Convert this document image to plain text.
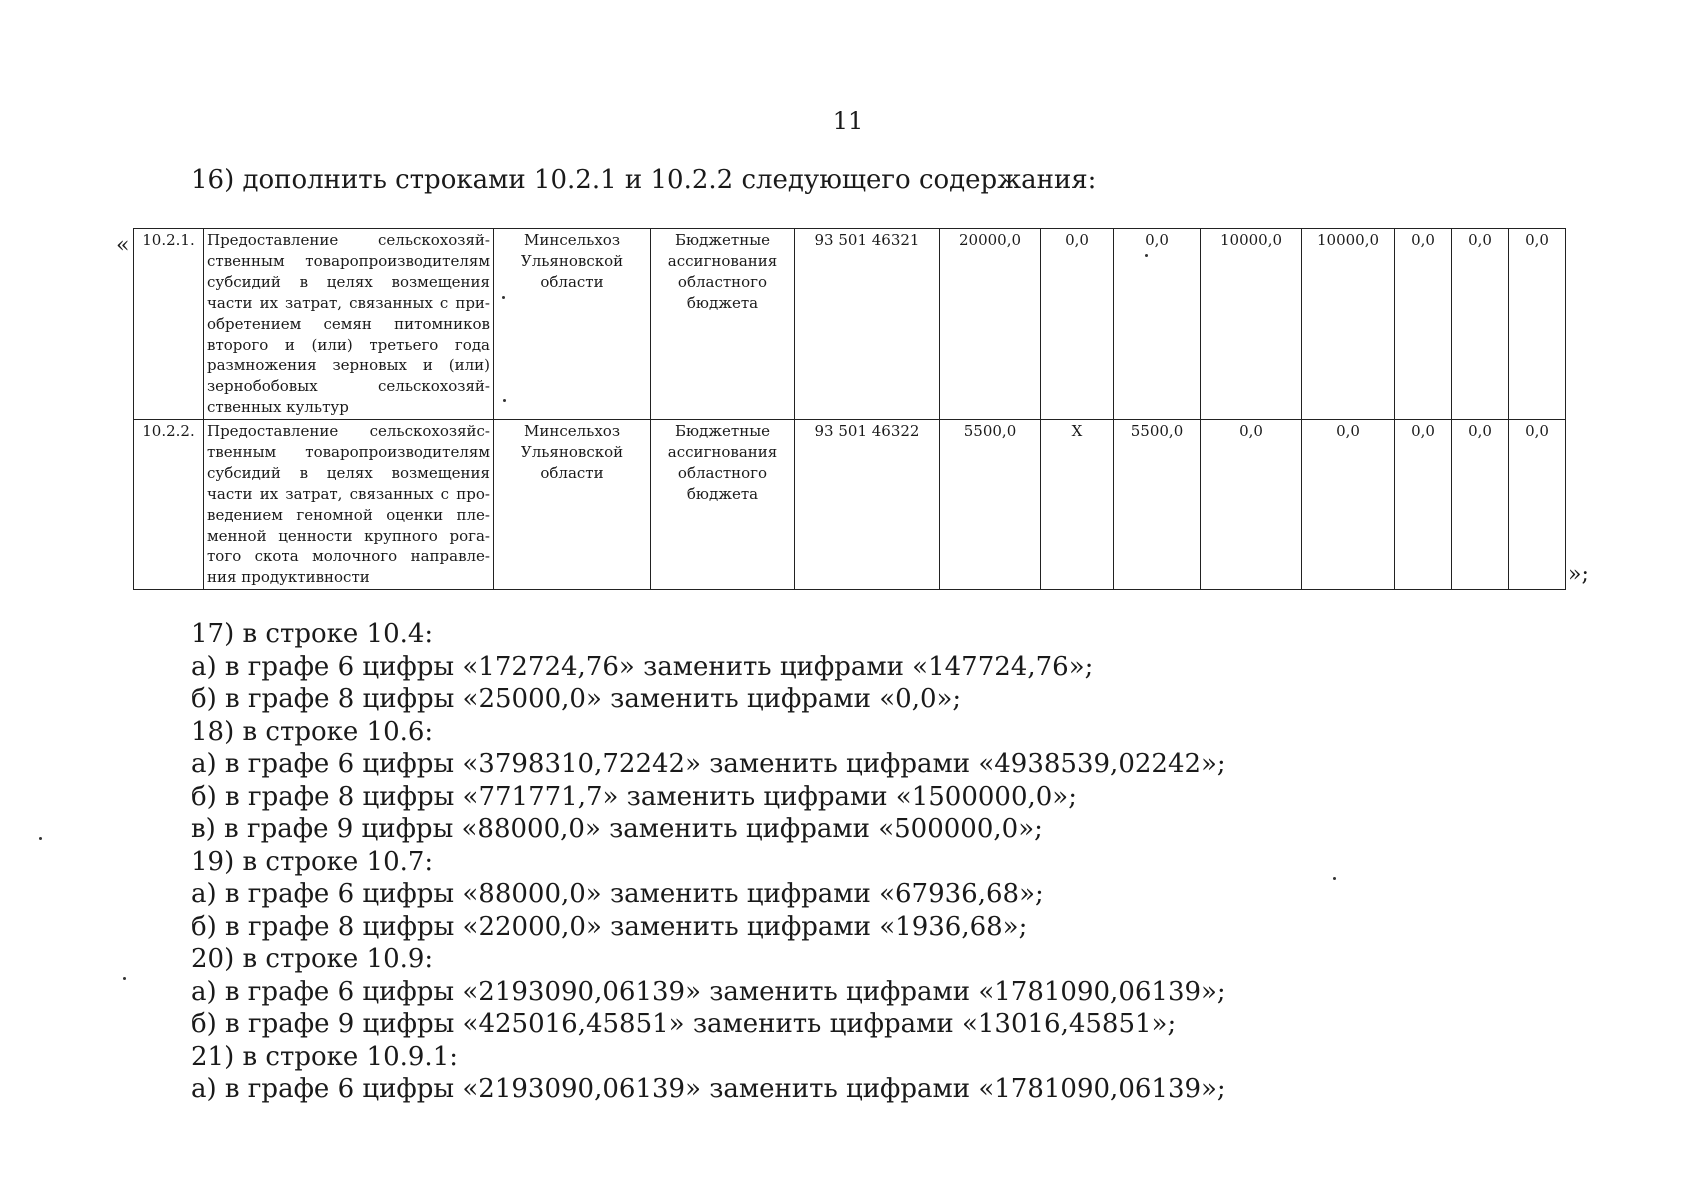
11
16) дополнить строками 10.2.1 и 10.2.2 следующего содержания:
« 10.2.1.	Предоставление сельскохозяй-ственным товаропроизводителям субсидий в целях возмещения части их затрат, связанных с при-обретением семян питомников второго и (или) третьего года размножения зерновых и (или) зернобобовых сельскохозяй-ственных культур	Минсельхоз Ульяновской области	Бюджетные ассигнования областного бюджета	93 501 46321	20000,0	0,0	0,0	10000,0	10000,0	0,0	0,0	0,0
10.2.2.	Предоставление сельскохозяйс-твенным товаропроизводителям субсидий в целях возмещения части их затрат, связанных с про-ведением геномной оценки пле-менной ценности крупного рога-того скота молочного направле-ния продуктивности	Минсельхоз Ульяновской области	Бюджетные ассигнования областного бюджета	93 501 46322	5500,0	X	5500,0	0,0	0,0	0,0	0,0	0,0
»;
17) в строке 10.4:
а) в графе 6 цифры «172724,76» заменить цифрами «147724,76»;
б) в графе 8 цифры «25000,0» заменить цифрами «0,0»;
18) в строке 10.6:
а) в графе 6 цифры «3798310,72242» заменить цифрами «4938539,02242»;
б) в графе 8 цифры «771771,7» заменить цифрами «1500000,0»;
в) в графе 9 цифры «88000,0» заменить цифрами «500000,0»;
19) в строке 10.7:
а) в графе 6 цифры «88000,0» заменить цифрами «67936,68»;
б) в графе 8 цифры «22000,0» заменить цифрами «1936,68»;
20) в строке 10.9:
а) в графе 6 цифры «2193090,06139» заменить цифрами «1781090,06139»;
б) в графе 9 цифры «425016,45851» заменить цифрами «13016,45851»;
21) в строке 10.9.1:
а) в графе 6 цифры «2193090,06139» заменить цифрами «1781090,06139»;
